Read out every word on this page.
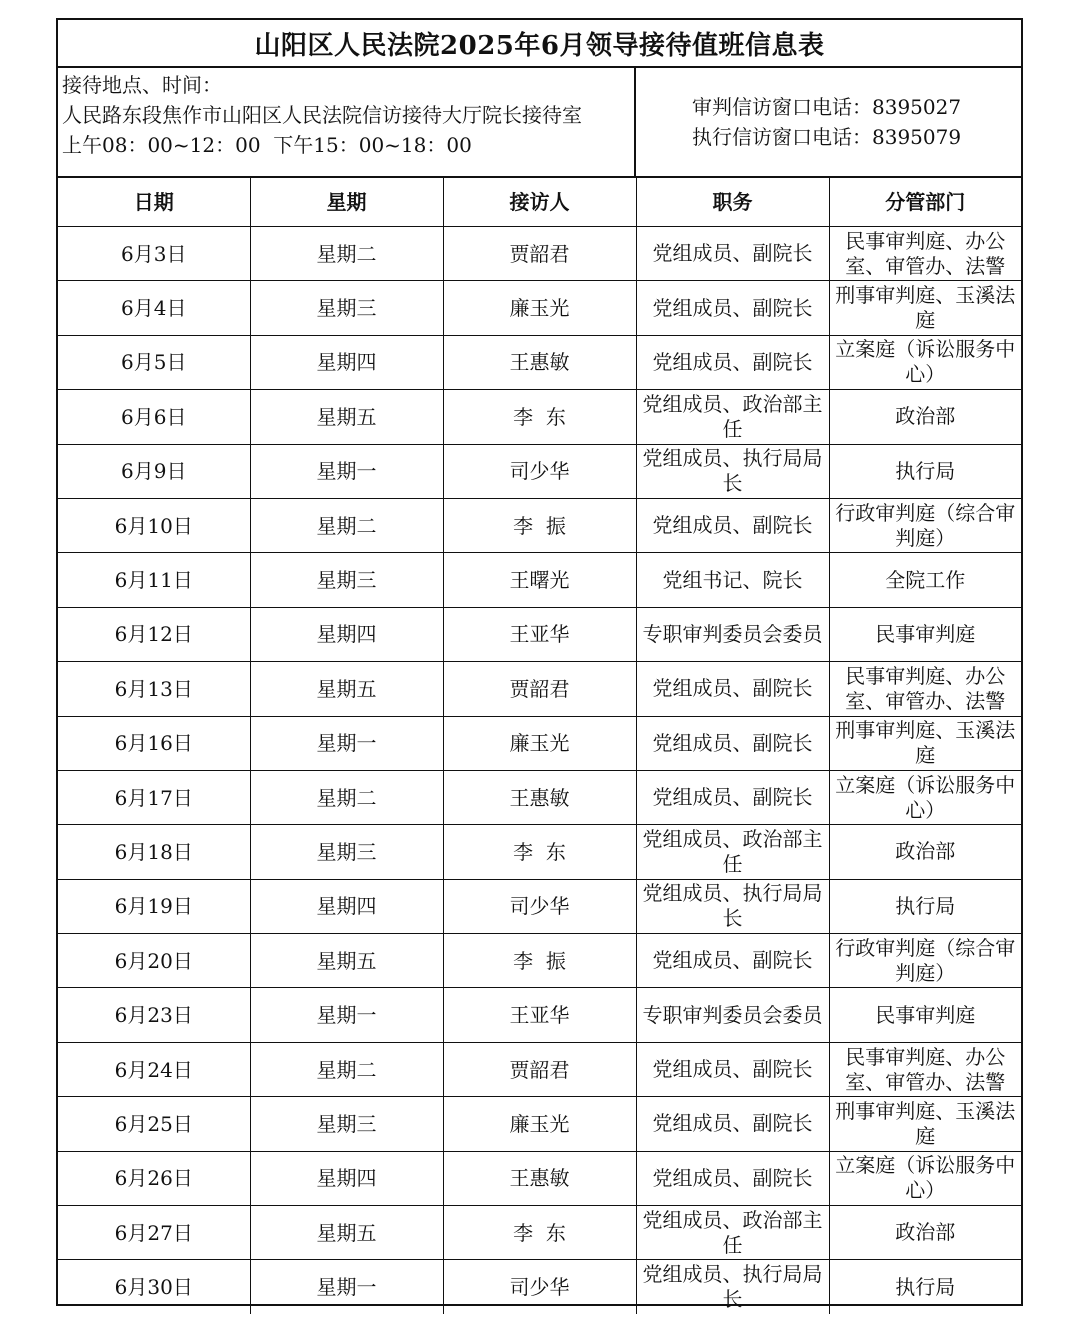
山阳区人民法院2025年6月领导接待值班信息表
接待地点、时间：
人民路东段焦作市山阳区人民法院信访接待大厅院长接待室
上午08：00~12：00  下午15：00~18：00
审判信访窗口电话：8395027
执行信访窗口电话：8395079
日期	星期	接访人	职务	分管部门
6月3日	星期二	贾韶君	党组成员、副院长	民事审判庭、办公室、审管办、法警
6月4日	星期三	廉玉光	党组成员、副院长	刑事审判庭、玉溪法庭
6月5日	星期四	王惠敏	党组成员、副院长	立案庭（诉讼服务中心）
6月6日	星期五	李  东	党组成员、政治部主任	政治部
6月9日	星期一	司少华	党组成员、执行局局长	执行局
6月10日	星期二	李  振	党组成员、副院长	行政审判庭（综合审判庭）
6月11日	星期三	王曙光	党组书记、院长	全院工作
6月12日	星期四	王亚华	专职审判委员会委员	民事审判庭
6月13日	星期五	贾韶君	党组成员、副院长	民事审判庭、办公室、审管办、法警
6月16日	星期一	廉玉光	党组成员、副院长	刑事审判庭、玉溪法庭
6月17日	星期二	王惠敏	党组成员、副院长	立案庭（诉讼服务中心）
6月18日	星期三	李  东	党组成员、政治部主任	政治部
6月19日	星期四	司少华	党组成员、执行局局长	执行局
6月20日	星期五	李  振	党组成员、副院长	行政审判庭（综合审判庭）
6月23日	星期一	王亚华	专职审判委员会委员	民事审判庭
6月24日	星期二	贾韶君	党组成员、副院长	民事审判庭、办公室、审管办、法警
6月25日	星期三	廉玉光	党组成员、副院长	刑事审判庭、玉溪法庭
6月26日	星期四	王惠敏	党组成员、副院长	立案庭（诉讼服务中心）
6月27日	星期五	李  东	党组成员、政治部主任	政治部
6月30日	星期一	司少华	党组成员、执行局局长	执行局
